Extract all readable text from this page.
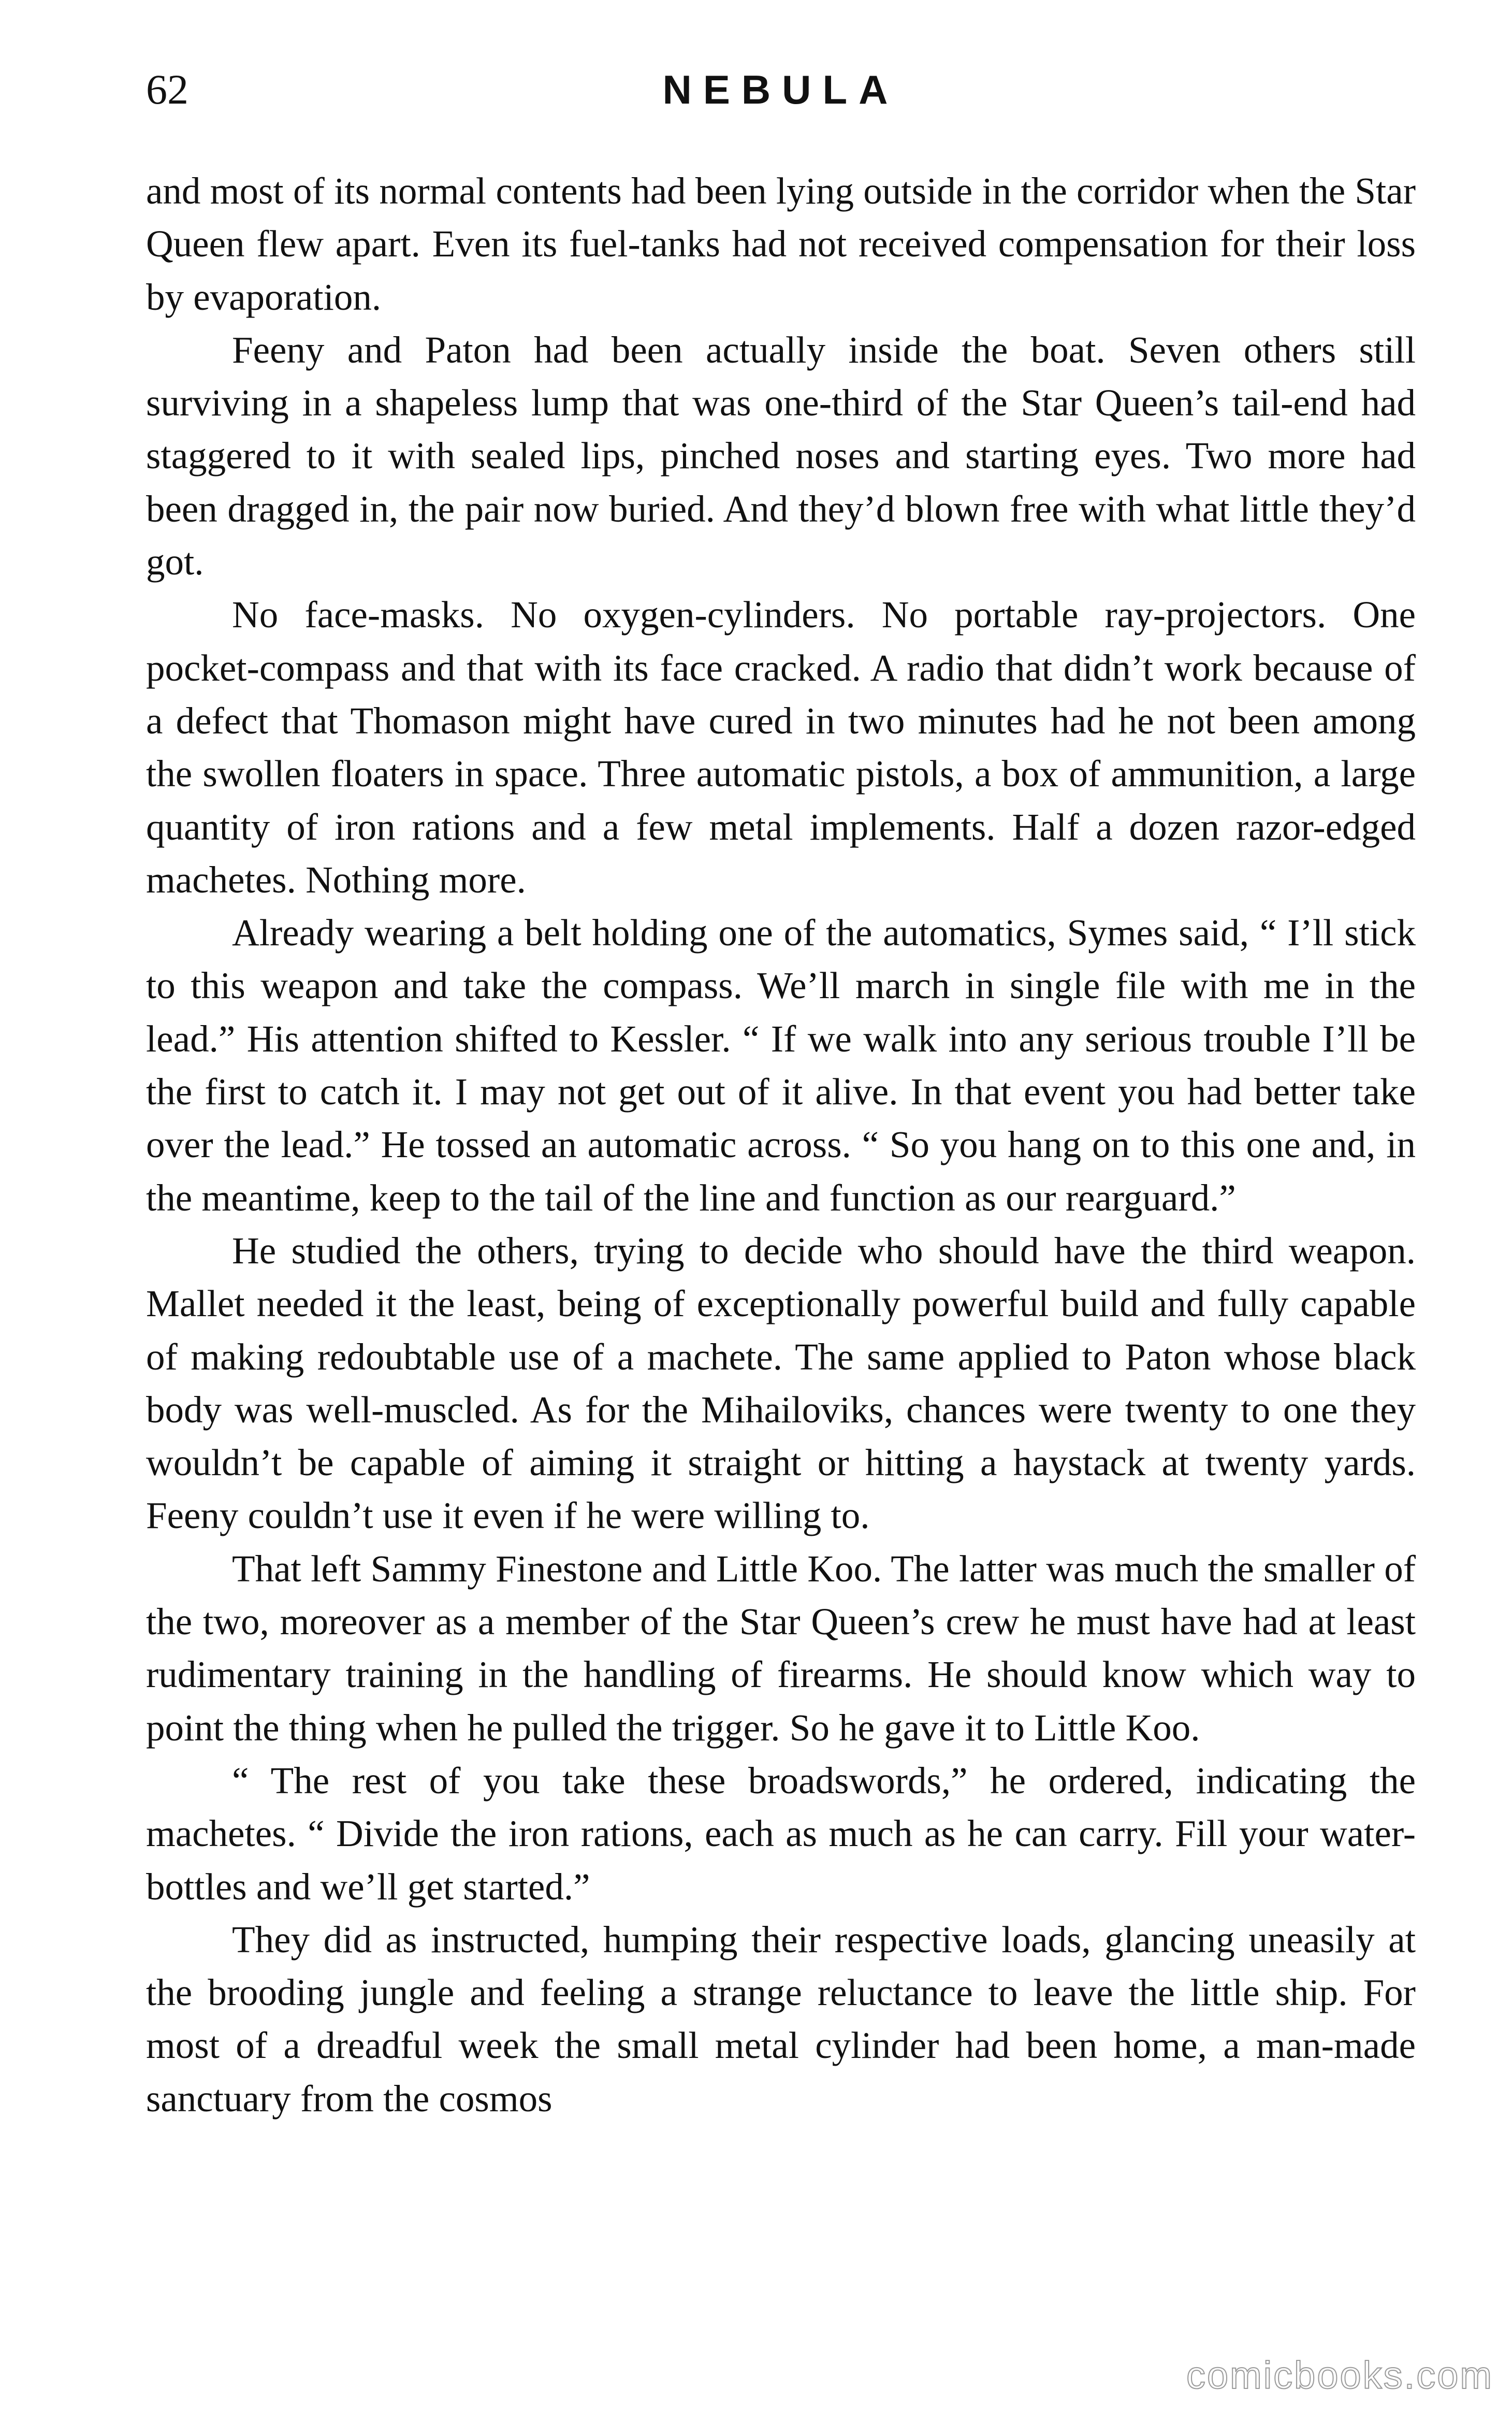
62	NEBULA

and most of its normal contents had been lying outside in the corridor when the Star Queen flew apart. Even its fuel-tanks had not received compensation for their loss by evaporation.

Feeny and Paton had been actually inside the boat. Seven others still surviving in a shapeless lump that was one-third of the Star Queen’s tail-end had staggered to it with sealed lips, pinched noses and starting eyes. Two more had been dragged in, the pair now buried. And they’d blown free with what little they’d got.

No face-masks. No oxygen-cylinders. No portable ray-projectors. One pocket-compass and that with its face cracked. A radio that didn’t work because of a defect that Thomason might have cured in two minutes had he not been among the swollen floaters in space. Three automatic pistols, a box of ammunition, a large quantity of iron rations and a few metal implements. Half a dozen razor-edged machetes. Nothing more.

Already wearing a belt holding one of the automatics, Symes said, “ I’ll stick to this weapon and take the compass. We’ll march in single file with me in the lead.” His attention shifted to Kessler. “ If we walk into any serious trouble I’ll be the first to catch it. I may not get out of it alive. In that event you had better take over the lead.” He tossed an automatic across. “ So you hang on to this one and, in the meantime, keep to the tail of the line and function as our rearguard.”

He studied the others, trying to decide who should have the third weapon. Mallet needed it the least, being of exceptionally powerful build and fully capable of making redoubtable use of a machete. The same applied to Paton whose black body was well-muscled. As for the Mihailoviks, chances were twenty to one they wouldn’t be capable of aiming it straight or hitting a haystack at twenty yards. Feeny couldn’t use it even if he were willing to.

That left Sammy Finestone and Little Koo. The latter was much the smaller of the two, moreover as a member of the Star Queen’s crew he must have had at least rudimentary training in the handling of firearms. He should know which way to point the thing when he pulled the trigger. So he gave it to Little Koo.

“ The rest of you take these broadswords,” he ordered, indicating the machetes. “ Divide the iron rations, each as much as he can carry. Fill your water-bottles and we’ll get started.”

They did as instructed, humping their respective loads, glancing uneasily at the brooding jungle and feeling a strange reluctance to leave the little ship. For most of a dreadful week the small metal cylinder had been home, a man-made sanctuary from the cosmos

comicbooks.com
